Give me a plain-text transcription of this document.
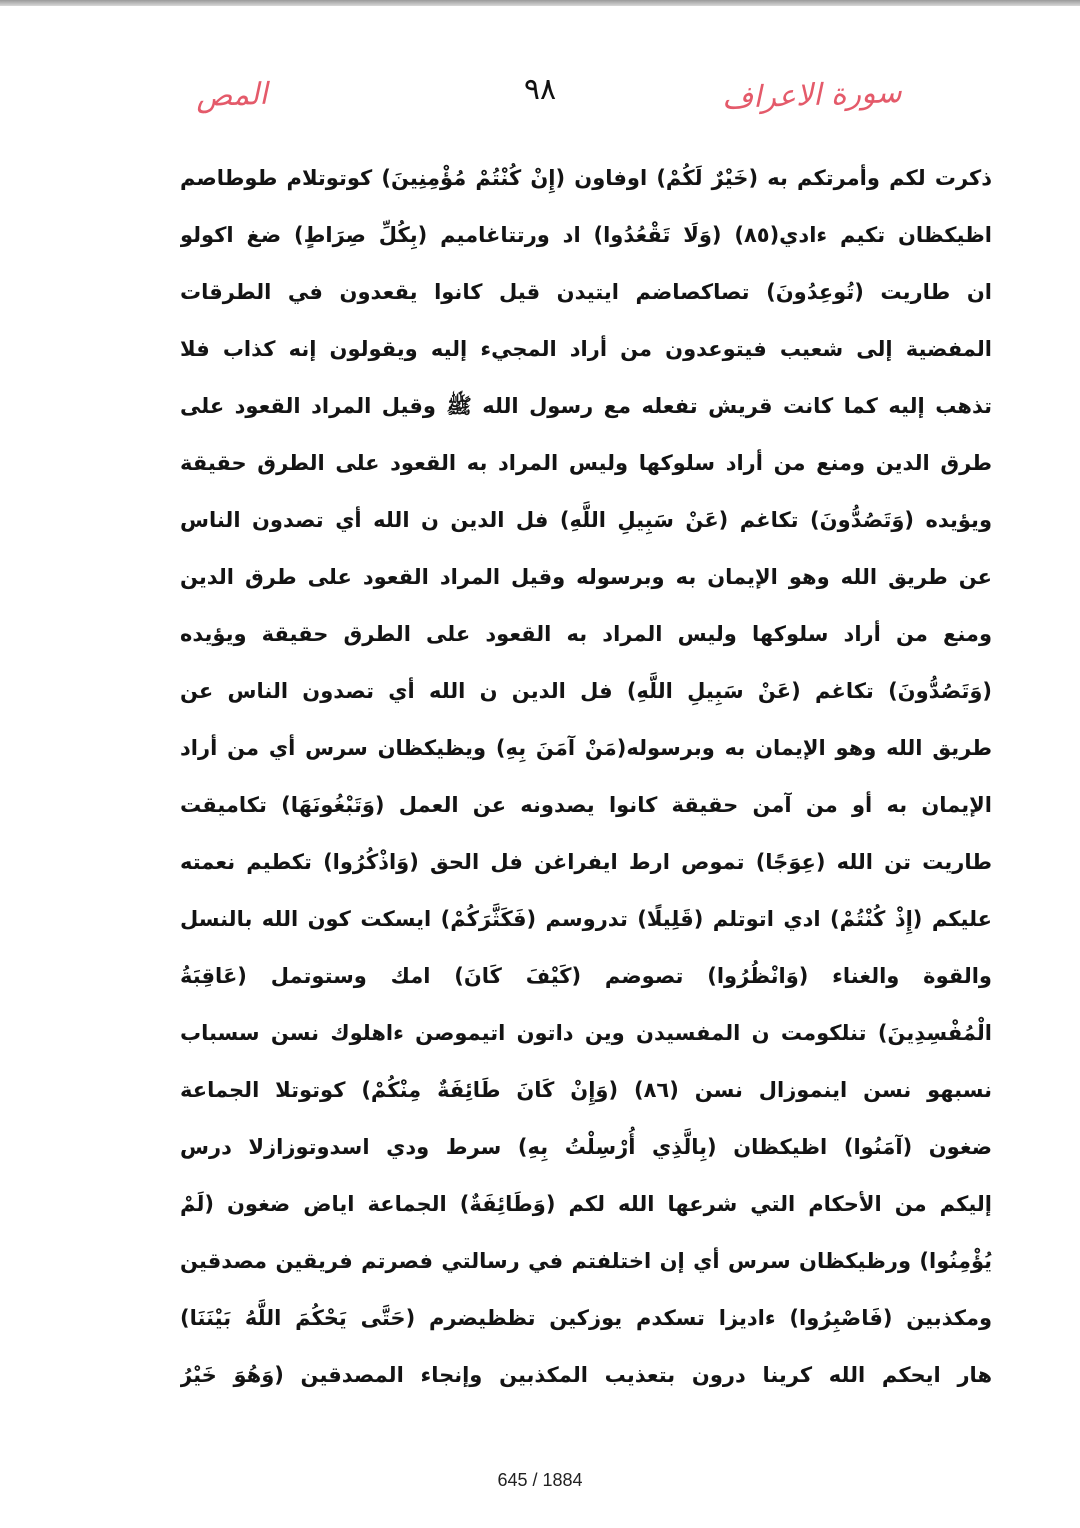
المص	٩٨	سورة الاعراف
ذكرت لكم وأمرتكم به (خَيْرٌ لَكُمْ) اوفاون (إِنْ كُنْتُمْ مُؤْمِنِينَ) كوتوتلام طوطاصم
اظيكظان تكيم ءادي(٨٥) (وَلَا تَقْعُدُوا) اد ورتتاغاميم (بِكُلِّ صِرَاطٍ) ضغ اكولو
ان طاريت (تُوعِدُونَ) تصاكصاضم ايتيدن قيل كانوا يقعدون في الطرقات
المفضية إلى شعيب فيتوعدون من أراد المجيء إليه ويقولون إنه كذاب فلا
تذهب إليه كما كانت قريش تفعله مع رسول الله ﷺ وقيل المراد القعود على
طرق الدين ومنع من أراد سلوكها وليس المراد به القعود على الطرق حقيقة
ويؤيده (وَتَصُدُّونَ) تكاغم (عَنْ سَبِيلِ اللَّهِ) فل الدين ن الله أي تصدون الناس
عن طريق الله وهو الإيمان به وبرسوله وقيل المراد القعود على طرق الدين
ومنع من أراد سلوكها وليس المراد به القعود على الطرق حقيقة ويؤيده
(وَتَصُدُّونَ) تكاغم (عَنْ سَبِيلِ اللَّهِ) فل الدين ن الله أي تصدون الناس عن
طريق الله وهو الإيمان به وبرسوله(مَنْ آمَنَ بِهِ) ويظيكظان سرس أي من أراد
الإيمان به أو من آمن حقيقة كانوا يصدونه عن العمل (وَتَبْغُونَهَا) تكاميقت
طاريت تن الله (عِوَجًا) تموص ارط ايفراغن فل الحق (وَاذْكُرُوا) تكطيم نعمته
عليكم (إِذْ كُنْتُمْ) ادي اتوتلم (قَلِيلًا) تدروسم (فَكَثَّرَكُمْ) ايسكت كون الله بالنسل
والقوة والغناء (وَانْظُرُوا) تصوضم (كَيْفَ كَانَ) امك وستوتمل (عَاقِبَةُ
الْمُفْسِدِينَ) تنلكومت ن المفسيدن وين داتون اتيموصن ءاهلوك نسن سسباب
نسبهو نسن اينموزال نسن (٨٦) (وَإِنْ كَانَ طَائِفَةٌ مِنْكُمْ) كوتوتلا الجماعة
ضغون (آمَنُوا) اظيكظان (بِالَّذِي أُرْسِلْتُ بِهِ) سرط ودي اسدوتوزازلا درس
إليكم من الأحكام التي شرعها الله لكم (وَطَائِفَةٌ) الجماعة اياض ضغون (لَمْ
يُؤْمِنُوا) ورظيكظان سرس أي إن اختلفتم في رسالتي فصرتم فريقين مصدقين
ومكذبين (فَاصْبِرُوا) ءاديزا تسكدم يوزكين تظظيضرم (حَتَّى يَحْكُمَ اللَّهُ بَيْنَنَا)
هار ايحكم الله كرينا درون بتعذيب المكذبين وإنجاء المصدقين (وَهُوَ خَيْرُ
645 / 1884
